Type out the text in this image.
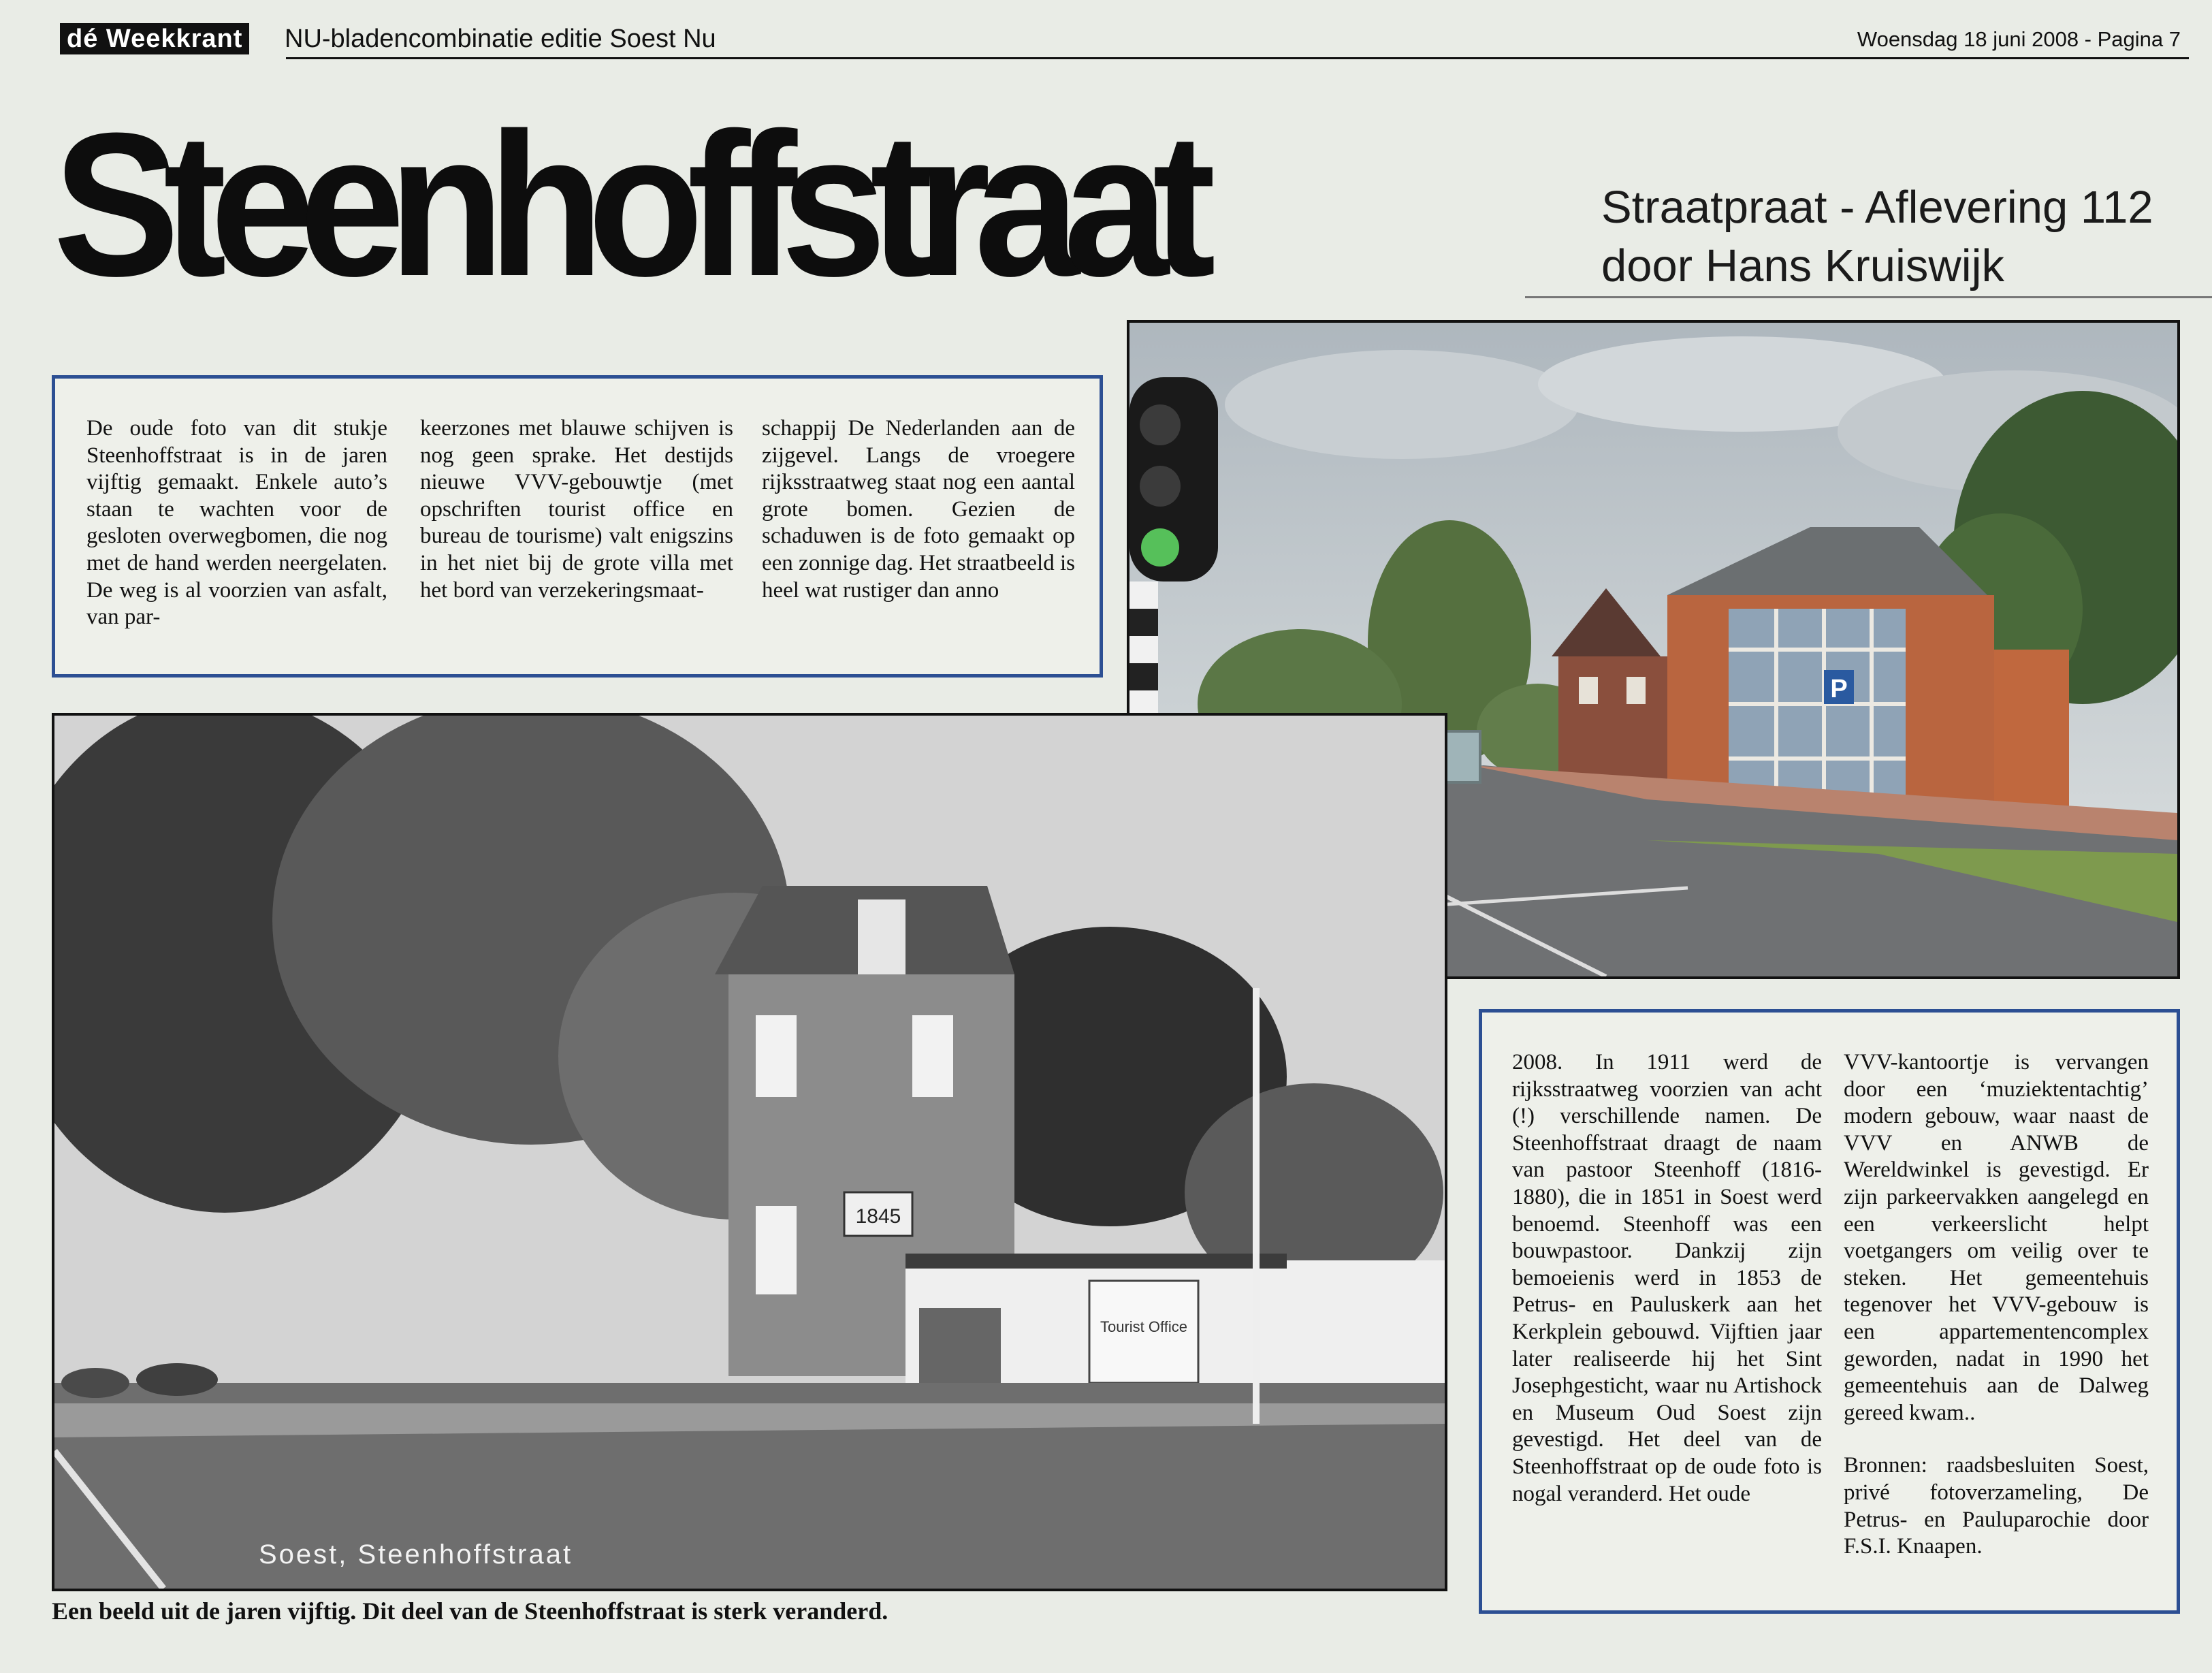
dé Weekkrant NU-bladencombinatie editie Soest Nu	Woensdag 18 juni 2008 - Pagina 7
Steenhoffstraat	Straatpraat - Aflevering 112
door Hans Kruiswijk
De oude foto van dit stukje Steenhoffstraat is in de jaren vijftig gemaakt. Enkele auto’s staan te wachten voor de gesloten overwegbomen, die nog met de hand werden neergelaten. De weg is al voorzien van asfalt, van par-
keerzones met blauwe schijven is nog geen sprake. Het destijds nieuwe VVV-gebouwtje (met opschriften tourist office en bureau de tourisme) valt enigszins in het niet bij de grote villa met het bord van verzekeringsmaat-
schappij De Nederlanden aan de zijgevel. Langs de vroegere rijksstraatweg staat nog een aantal grote bomen. Gezien de schaduwen is de foto gemaakt op een zonnige dag. Het straatbeeld is heel wat rustiger dan anno
P
1845
Tourist Office
Soest, Steenhoffstraat
Een beeld uit de jaren vijftig. Dit deel van de Steenhoffstraat is sterk veranderd.
2008. In 1911 werd de rijksstraatweg voorzien van acht (!) verschillende namen. De Steenhoffstraat draagt de naam van pastoor Steenhoff (1816-1880), die in 1851 in Soest werd benoemd. Steenhoff was een bouwpastoor. Dankzij zijn bemoeienis werd in 1853 de Petrus- en Pauluskerk aan het Kerkplein gebouwd. Vijftien jaar later realiseerde hij het Sint Josephgesticht, waar nu Artishock en Museum Oud Soest zijn gevestigd. Het deel van de Steenhoffstraat op de oude foto is nogal veranderd. Het oude
VVV-kantoortje is vervangen door een ‘muziektentachtig’ modern gebouw, waar naast de VVV en ANWB de Wereldwinkel is gevestigd. Er zijn parkeervakken aangelegd en een verkeerslicht helpt voetgangers om veilig over te steken. Het gemeentehuis tegenover het VVV-gebouw is een appartementencomplex geworden, nadat in 1990 het gemeentehuis aan de Dalweg gereed kwam..
Bronnen: raadsbesluiten Soest, privé fotoverzameling, De Petrus- en Pauluparochie door F.S.I. Knaapen.
